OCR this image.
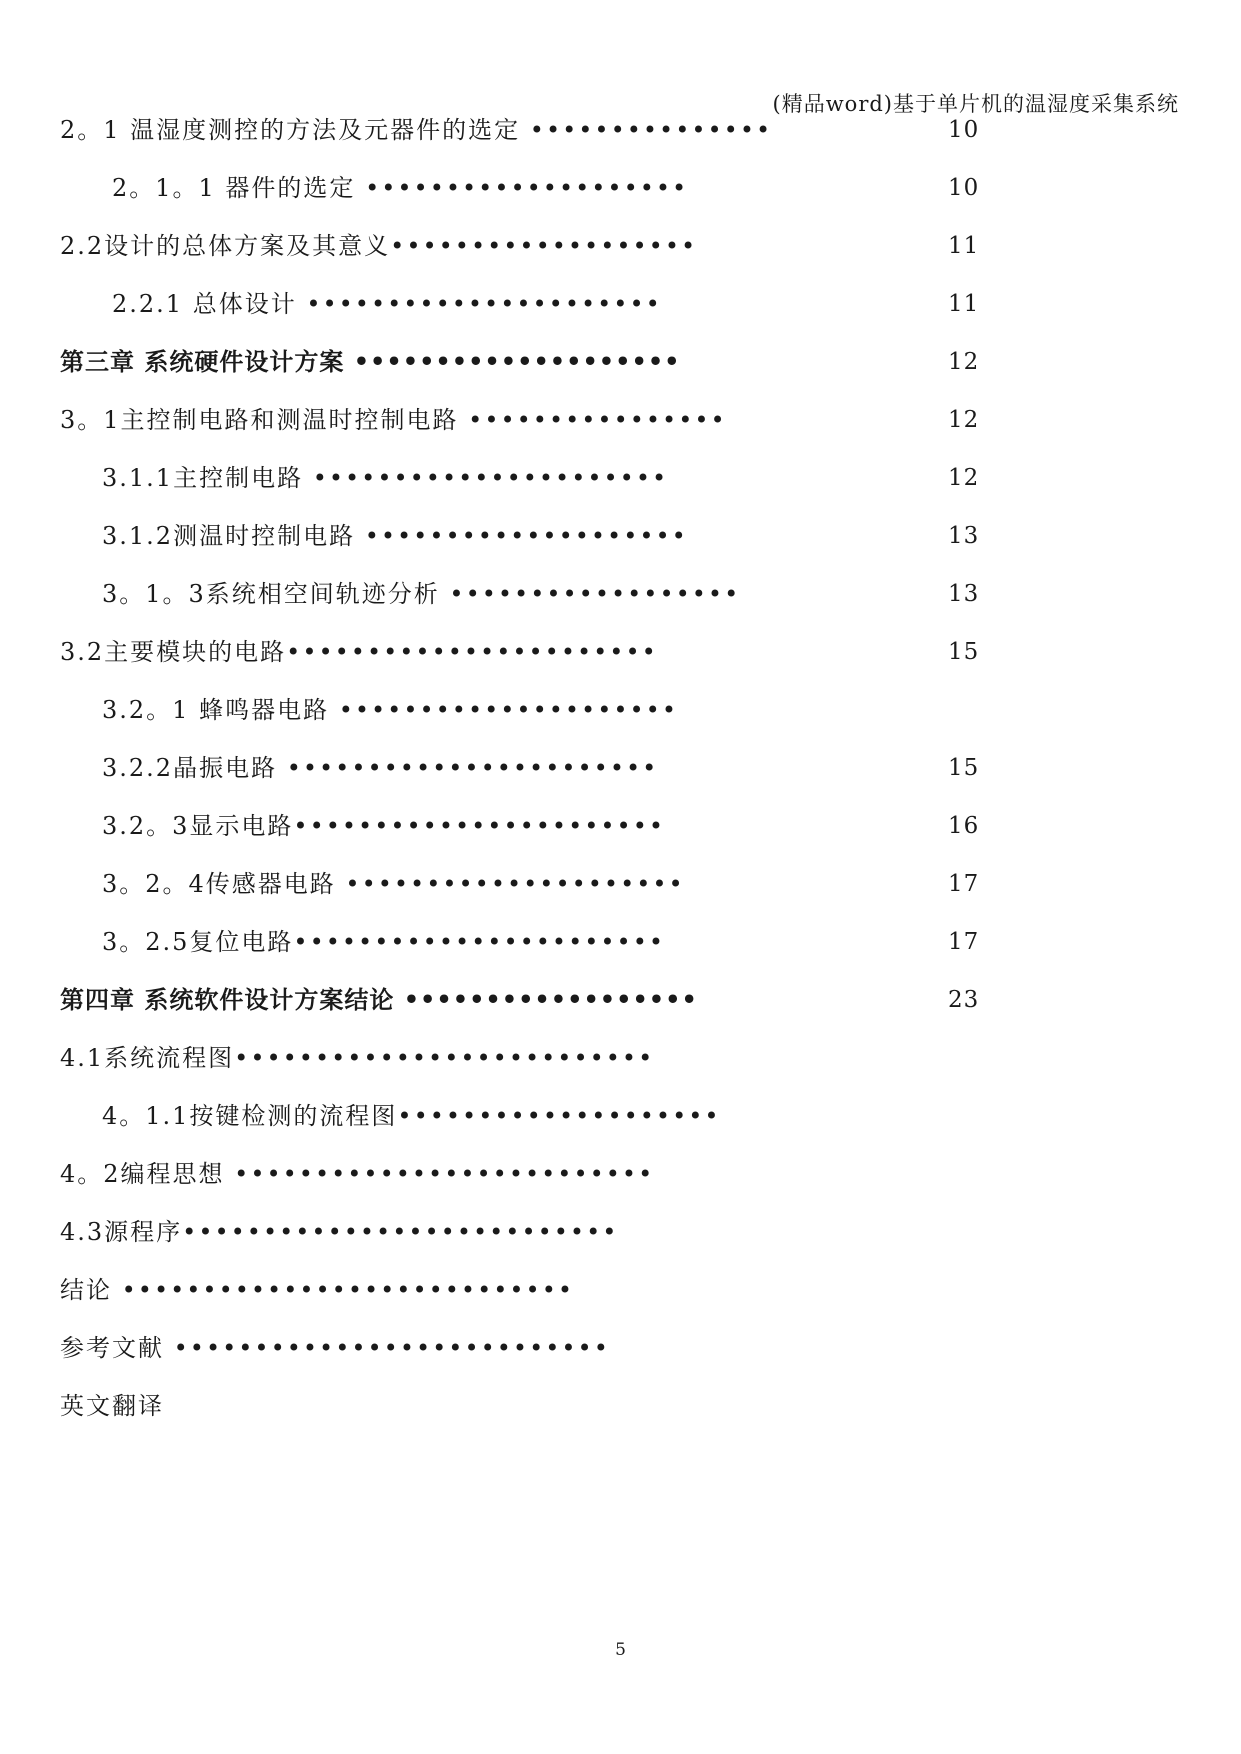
(精品word)基于单片机的温湿度采集系统
2。1 温湿度测控的方法及元器件的选定 •••••••••••••••	10
2。1。1 器件的选定 ••••••••••••••••••••	10
2.2设计的总体方案及其意义•••••••••••••••••••	11
2.2.1 总体设计 ••••••••••••••••••••••	11
第三章 系统硬件设计方案 ••••••••••••••••••••	12
3。1主控制电路和测温时控制电路 ••••••••••••••••	12
3.1.1主控制电路 ••••••••••••••••••••••	12
3.1.2测温时控制电路 ••••••••••••••••••••	13
3。1。3系统相空间轨迹分析 ••••••••••••••••••	13
3.2主要模块的电路•••••••••••••••••••••••	15
3.2。1 蜂鸣器电路 •••••••••••••••••••••
3.2.2晶振电路 •••••••••••••••••••••••	15
3.2。3显示电路•••••••••••••••••••••••	16
3。2。4传感器电路 •••••••••••••••••••••	17
3。2.5复位电路•••••••••••••••••••••••	17
第四章 系统软件设计方案结论 ••••••••••••••••••	23
4.1系统流程图••••••••••••••••••••••••••
4。1.1按键检测的流程图••••••••••••••••••••
4。2编程思想 ••••••••••••••••••••••••••
4.3源程序•••••••••••••••••••••••••••
结论 ••••••••••••••••••••••••••••
参考文献 •••••••••••••••••••••••••••
英文翻译
5
